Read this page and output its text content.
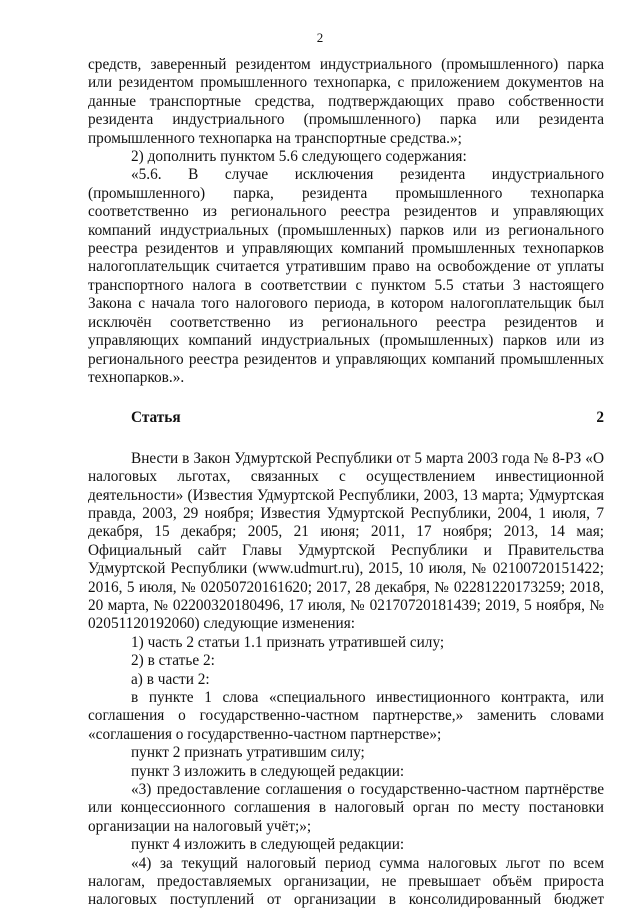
2

средств, заверенный резидентом индустриального (промышленного) парка или резидентом промышленного технопарка, с приложением документов на данные транспортные средства, подтверждающих право собственности резидента индустриального (промышленного) парка или резидента промышленного технопарка на транспортные средства.»;

2) дополнить пунктом 5.6 следующего содержания:

«5.6. В случае исключения резидента индустриального (промышленного) парка, резидента промышленного технопарка соответственно из регионального реестра резидентов и управляющих компаний индустриальных (промышленных) парков или из регионального реестра резидентов и управляющих компаний промышленных технопарков налогоплательщик считается утратившим право на освобождение от уплаты транспортного налога в соответствии с пунктом 5.5 статьи 3 настоящего Закона с начала того налогового периода, в котором налогоплательщик был исключён соответственно из регионального реестра резидентов и управляющих компаний индустриальных (промышленных) парков или из регионального реестра резидентов и управляющих компаний промышленных технопарков.».

Статья 2

Внести в Закон Удмуртской Республики от 5 марта 2003 года № 8-РЗ «О налоговых льготах, связанных с осуществлением инвестиционной деятельности» (Известия Удмуртской Республики, 2003, 13 марта; Удмуртская правда, 2003, 29 ноября; Известия Удмуртской Республики, 2004, 1 июля, 7 декабря, 15 декабря; 2005, 21 июня; 2011, 17 ноября; 2013, 14 мая; Официальный сайт Главы Удмуртской Республики и Правительства Удмуртской Республики (www.udmurt.ru), 2015, 10 июля, № 02100720151422; 2016, 5 июля, № 02050720161620; 2017, 28 декабря, № 02281220173259; 2018, 20 марта, № 02200320180496, 17 июля, № 02170720181439; 2019, 5 ноября, № 02051120192060) следующие изменения:

1) часть 2 статьи 1.1 признать утратившей силу;

2) в статье 2:

а) в части 2:

в пункте 1 слова «специального инвестиционного контракта, или соглашения о государственно-частном партнерстве,» заменить словами «соглашения о государственно-частном партнерстве»;

пункт 2 признать утратившим силу;

пункт 3 изложить в следующей редакции:

«3) предоставление соглашения о государственно-частном партнёрстве или концессионного соглашения в налоговый орган по месту постановки организации на налоговый учёт;»;

пункт 4 изложить в следующей редакции:

«4) за текущий налоговый период сумма налоговых льгот по всем налогам, предоставляемых организации, не превышает объём прироста налоговых поступлений от организации в консолидированный бюджет
